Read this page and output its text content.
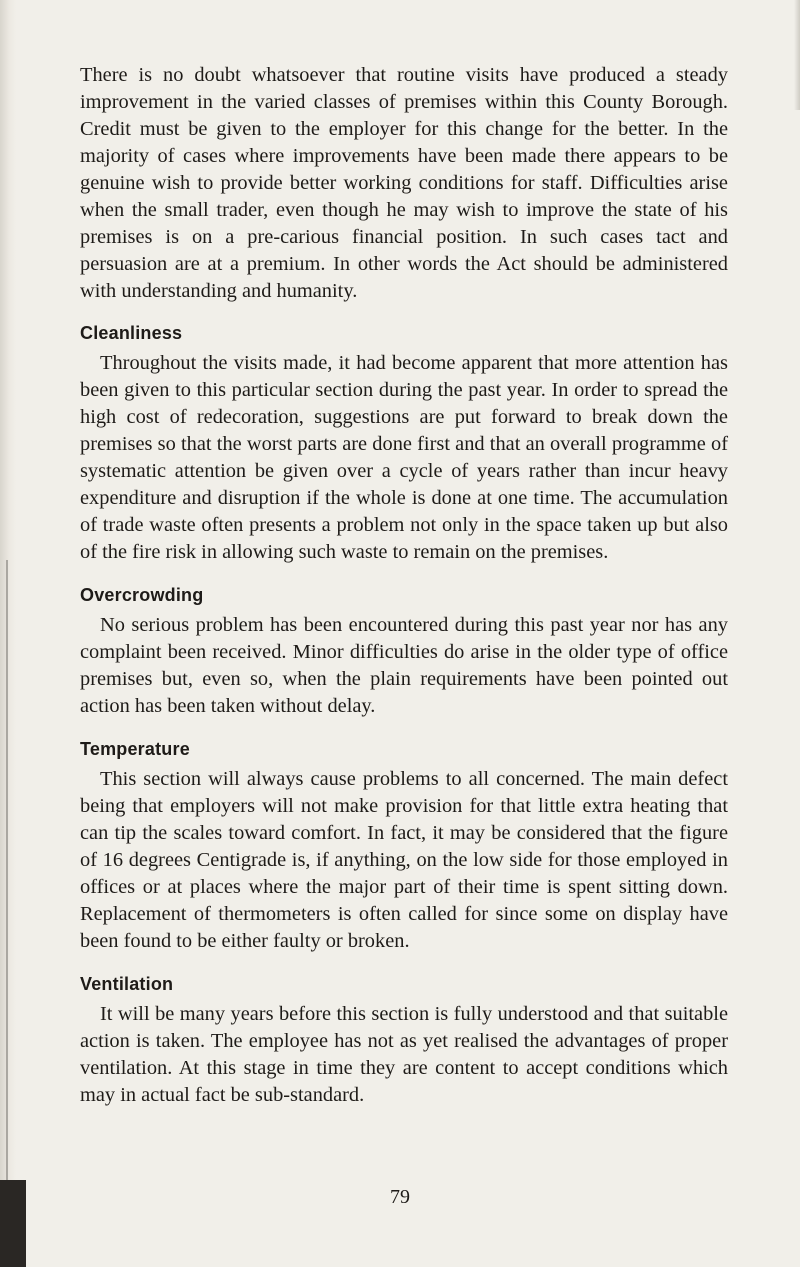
There is no doubt whatsoever that routine visits have produced a steady improvement in the varied classes of premises within this County Borough. Credit must be given to the employer for this change for the better. In the majority of cases where improvements have been made there appears to be genuine wish to provide better working conditions for staff. Difficulties arise when the small trader, even though he may wish to improve the state of his premises is on a pre-carious financial position. In such cases tact and persuasion are at a premium. In other words the Act should be administered with understanding and humanity.

Cleanliness

Throughout the visits made, it had become apparent that more attention has been given to this particular section during the past year. In order to spread the high cost of redecoration, suggestions are put forward to break down the premises so that the worst parts are done first and that an overall programme of systematic attention be given over a cycle of years rather than incur heavy expenditure and disruption if the whole is done at one time. The accumulation of trade waste often presents a problem not only in the space taken up but also of the fire risk in allowing such waste to remain on the premises.

Overcrowding

No serious problem has been encountered during this past year nor has any complaint been received. Minor difficulties do arise in the older type of office premises but, even so, when the plain requirements have been pointed out action has been taken without delay.

Temperature

This section will always cause problems to all concerned. The main defect being that employers will not make provision for that little extra heating that can tip the scales toward comfort. In fact, it may be considered that the figure of 16 degrees Centigrade is, if anything, on the low side for those employed in offices or at places where the major part of their time is spent sitting down. Replacement of thermometers is often called for since some on display have been found to be either faulty or broken.

Ventilation

It will be many years before this section is fully understood and that suitable action is taken. The employee has not as yet realised the advantages of proper ventilation. At this stage in time they are content to accept conditions which may in actual fact be sub-standard.

79
